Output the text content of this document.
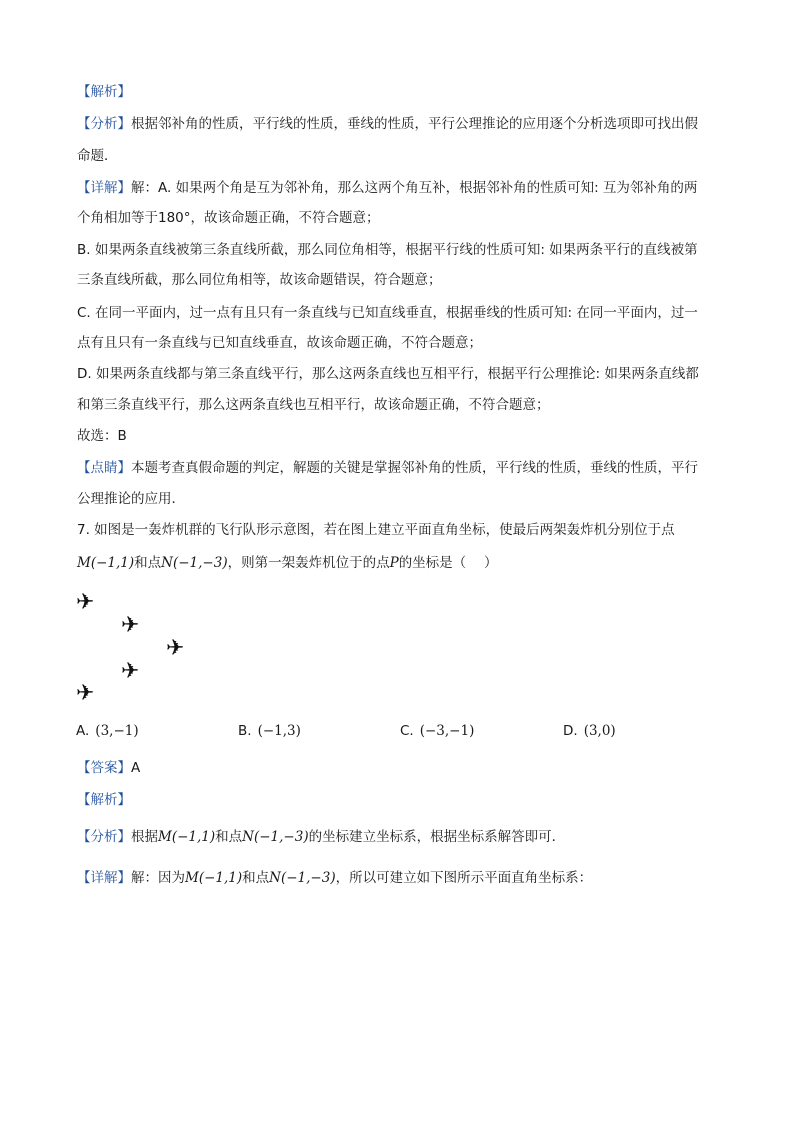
【解析】
【分析】根据邻补角的性质，平行线的性质，垂线的性质，平行公理推论的应用逐个分析选项即可找出假
命题．
【详解】解：A. 如果两个角是互为邻补角，那么这两个角互补，根据邻补角的性质可知: 互为邻补角的两
个角相加等于180°，故该命题正确，不符合题意；
B. 如果两条直线被第三条直线所截，那么同位角相等，根据平行线的性质可知: 如果两条平行的直线被第
三条直线所截，那么同位角相等，故该命题错误，符合题意；
C. 在同一平面内，过一点有且只有一条直线与已知直线垂直，根据垂线的性质可知: 在同一平面内，过一
点有且只有一条直线与已知直线垂直，故该命题正确，不符合题意；
D. 如果两条直线都与第三条直线平行，那么这两条直线也互相平行，根据平行公理推论: 如果两条直线都
和第三条直线平行，那么这两条直线也互相平行，故该命题正确，不符合题意；
故选：B
【点睛】本题考查真假命题的判定，解题的关键是掌握邻补角的性质，平行线的性质，垂线的性质，平行
公理推论的应用．
7. 如图是一轰炸机群的飞行队形示意图，若在图上建立平面直角坐标，使最后两架轰炸机分别位于点
M(−1,1)和点N(−1,−3)，则第一架轰炸机位于的点P的坐标是（　 ）
✈
✈
✈
✈
✈
A. (3,−1)	B. (−1,3)	C. (−3,−1)	D. (3,0)
【答案】A
【解析】
【分析】根据M(−1,1)和点N(−1,−3)的坐标建立坐标系，根据坐标系解答即可．
【详解】解：因为M(−1,1)和点N(−1,−3)，所以可建立如下图所示平面直角坐标系：
